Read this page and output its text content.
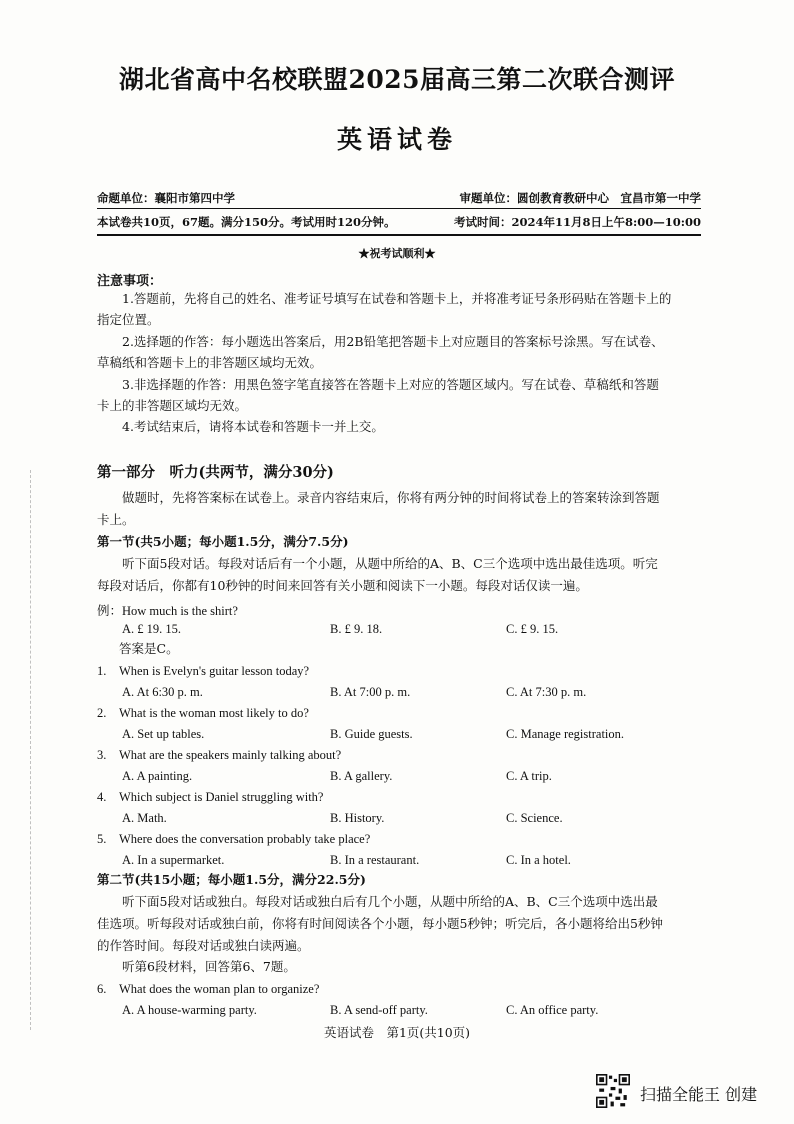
湖北省高中名校联盟2025届高三第二次联合测评
英语试卷
命题单位：襄阳市第四中学	审题单位：圆创教育教研中心　宜昌市第一中学
本试卷共10页，67题。满分150分。考试用时120分钟。	考试时间：2024年11月8日上午8:00—10:00
★祝考试顺利★
注意事项：
1.答题前，先将自己的姓名、准考证号填写在试卷和答题卡上，并将准考证号条形码贴在答题卡上的
指定位置。
2.选择题的作答：每小题选出答案后，用2B铅笔把答题卡上对应题目的答案标号涂黑。写在试卷、
草稿纸和答题卡上的非答题区域均无效。
3.非选择题的作答：用黑色签字笔直接答在答题卡上对应的答题区域内。写在试卷、草稿纸和答题
卡上的非答题区域均无效。
4.考试结束后，请将本试卷和答题卡一并上交。
第一部分　听力(共两节，满分30分)
做题时，先将答案标在试卷上。录音内容结束后，你将有两分钟的时间将试卷上的答案转涂到答题
卡上。
第一节(共5小题；每小题1.5分，满分7.5分)
听下面5段对话。每段对话后有一个小题，从题中所给的A、B、C三个选项中选出最佳选项。听完
每段对话后，你都有10秒钟的时间来回答有关小题和阅读下一小题。每段对话仅读一遍。
例：How much is the shirt?
A. £ 19. 15.	B. £ 9. 18.	C. £ 9. 15.
答案是C。
1. When is Evelyn's guitar lesson today?
A. At 6:30 p. m.	B. At 7:00 p. m.	C. At 7:30 p. m.
2. What is the woman most likely to do?
A. Set up tables.	B. Guide guests.	C. Manage registration.
3. What are the speakers mainly talking about?
A. A painting.	B. A gallery.	C. A trip.
4. Which subject is Daniel struggling with?
A. Math.	B. History.	C. Science.
5. Where does the conversation probably take place?
A. In a supermarket.	B. In a restaurant.	C. In a hotel.
第二节(共15小题；每小题1.5分，满分22.5分)
听下面5段对话或独白。每段对话或独白后有几个小题，从题中所给的A、B、C三个选项中选出最
佳选项。听每段对话或独白前，你将有时间阅读各个小题，每小题5秒钟；听完后，各小题将给出5秒钟
的作答时间。每段对话或独白读两遍。
听第6段材料，回答第6、7题。
6. What does the woman plan to organize?
A. A house-warming party.	B. A send-off party.	C. An office party.
英语试卷　第1页(共10页)
扫描全能王 创建
